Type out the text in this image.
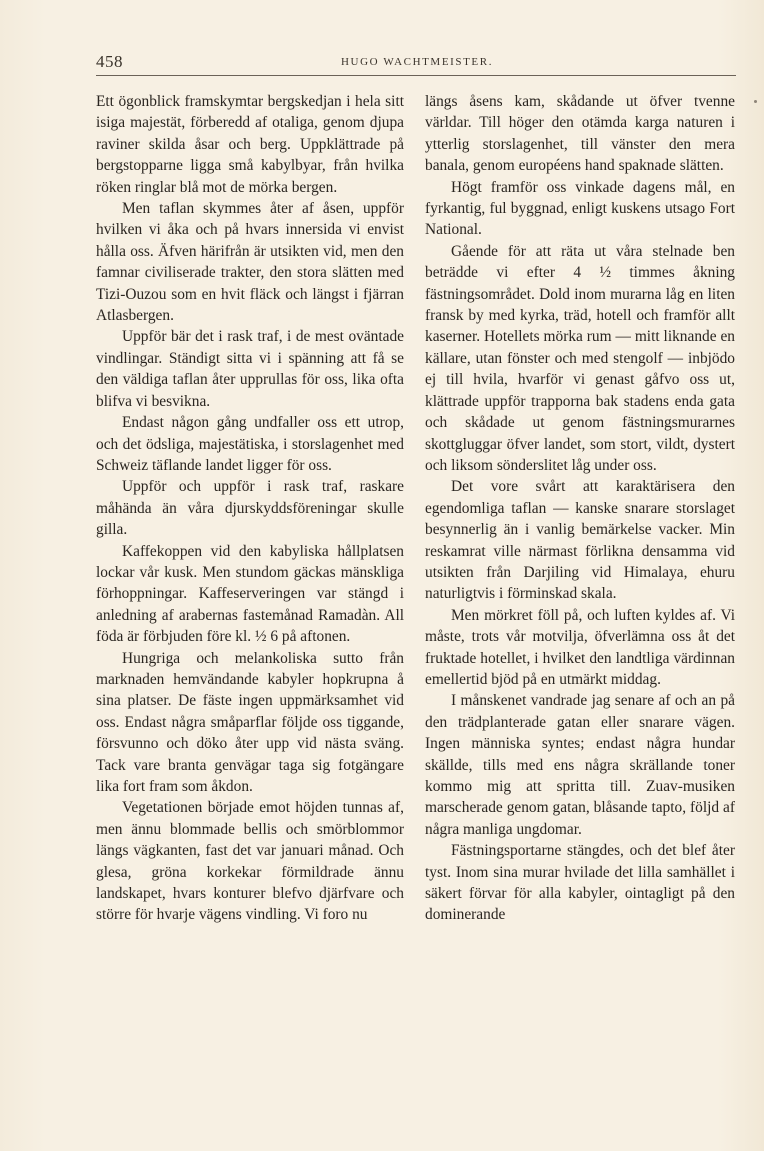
458	HUGO WACHTMEISTER.

Ett ögonblick framskymtar bergskedjan i hela sitt isiga majestät, förberedd af otaliga, genom djupa raviner skilda åsar och berg. Uppklättrade på bergstopparne ligga små kabylbyar, från hvilka röken ringlar blå mot de mörka bergen.

Men taflan skymmes åter af åsen, uppför hvilken vi åka och på hvars innersida vi envist hålla oss. Äfven härifrån är utsikten vid, men den famnar civiliserade trakter, den stora slätten med Tizi-Ouzou som en hvit fläck och längst i fjärran Atlasbergen.

Uppför bär det i rask traf, i de mest oväntade vindlingar. Ständigt sitta vi i spänning att få se den väldiga taflan åter upprullas för oss, lika ofta blifva vi besvikna.

Endast någon gång undfaller oss ett utrop, och det ödsliga, majestätiska, i storslagenhet med Schweiz täflande landet ligger för oss.

Uppför och uppför i rask traf, raskare måhända än våra djurskyddsföreningar skulle gilla.

Kaffekoppen vid den kabyliska hållplatsen lockar vår kusk. Men stundom gäckas mänskliga förhoppningar. Kaffeserveringen var stängd i anledning af arabernas fastemånad Ramadàn. All föda är förbjuden före kl. ½ 6 på aftonen.

Hungriga och melankoliska sutto från marknaden hemvändande kabyler hopkrupna å sina platser. De fäste ingen uppmärksamhet vid oss. Endast några småparflar följde oss tiggande, försvunno och döko åter upp vid nästa sväng. Tack vare branta genvägar taga sig fotgängare lika fort fram som åkdon.

Vegetationen började emot höjden tunnas af, men ännu blommade bellis och smörblommor längs vägkanten, fast det var januari månad. Och glesa, gröna korkekar förmildrade ännu landskapet, hvars konturer blefvo djärfvare och större för hvarje vägens vindling. Vi foro nu

längs åsens kam, skådande ut öfver tvenne världar. Till höger den otämda karga naturen i ytterlig storslagenhet, till vänster den mera banala, genom européens hand spaknade slätten.

Högt framför oss vinkade dagens mål, en fyrkantig, ful byggnad, enligt kuskens utsago Fort National.

Gående för att räta ut våra stelnade ben beträdde vi efter 4 ½ timmes åkning fästningsområdet. Dold inom murarna låg en liten fransk by med kyrka, träd, hotell och framför allt kaserner. Hotellets mörka rum — mitt liknande en källare, utan fönster och med stengolf — inbjödo ej till hvila, hvarför vi genast gåfvo oss ut, klättrade uppför trapporna bak stadens enda gata och skådade ut genom fästningsmurarnes skottgluggar öfver landet, som stort, vildt, dystert och liksom sönderslitet låg under oss.

Det vore svårt att karaktärisera den egendomliga taflan — kanske snarare storslaget besynnerlig än i vanlig bemärkelse vacker. Min reskamrat ville närmast förlikna densamma vid utsikten från Darjiling vid Himalaya, ehuru naturligtvis i förminskad skala.

Men mörkret föll på, och luften kyldes af. Vi måste, trots vår motvilja, öfverlämna oss åt det fruktade hotellet, i hvilket den landtliga värdinnan emellertid bjöd på en utmärkt middag.

I månskenet vandrade jag senare af och an på den trädplanterade gatan eller snarare vägen. Ingen människa syntes; endast några hundar skällde, tills med ens några skrällande toner kommo mig att spritta till. Zuav-musiken marscherade genom gatan, blåsande tapto, följd af några manliga ungdomar.

Fästningsportarne stängdes, och det blef åter tyst. Inom sina murar hvilade det lilla samhället i säkert förvar för alla kabyler, ointagligt på den dominerande
